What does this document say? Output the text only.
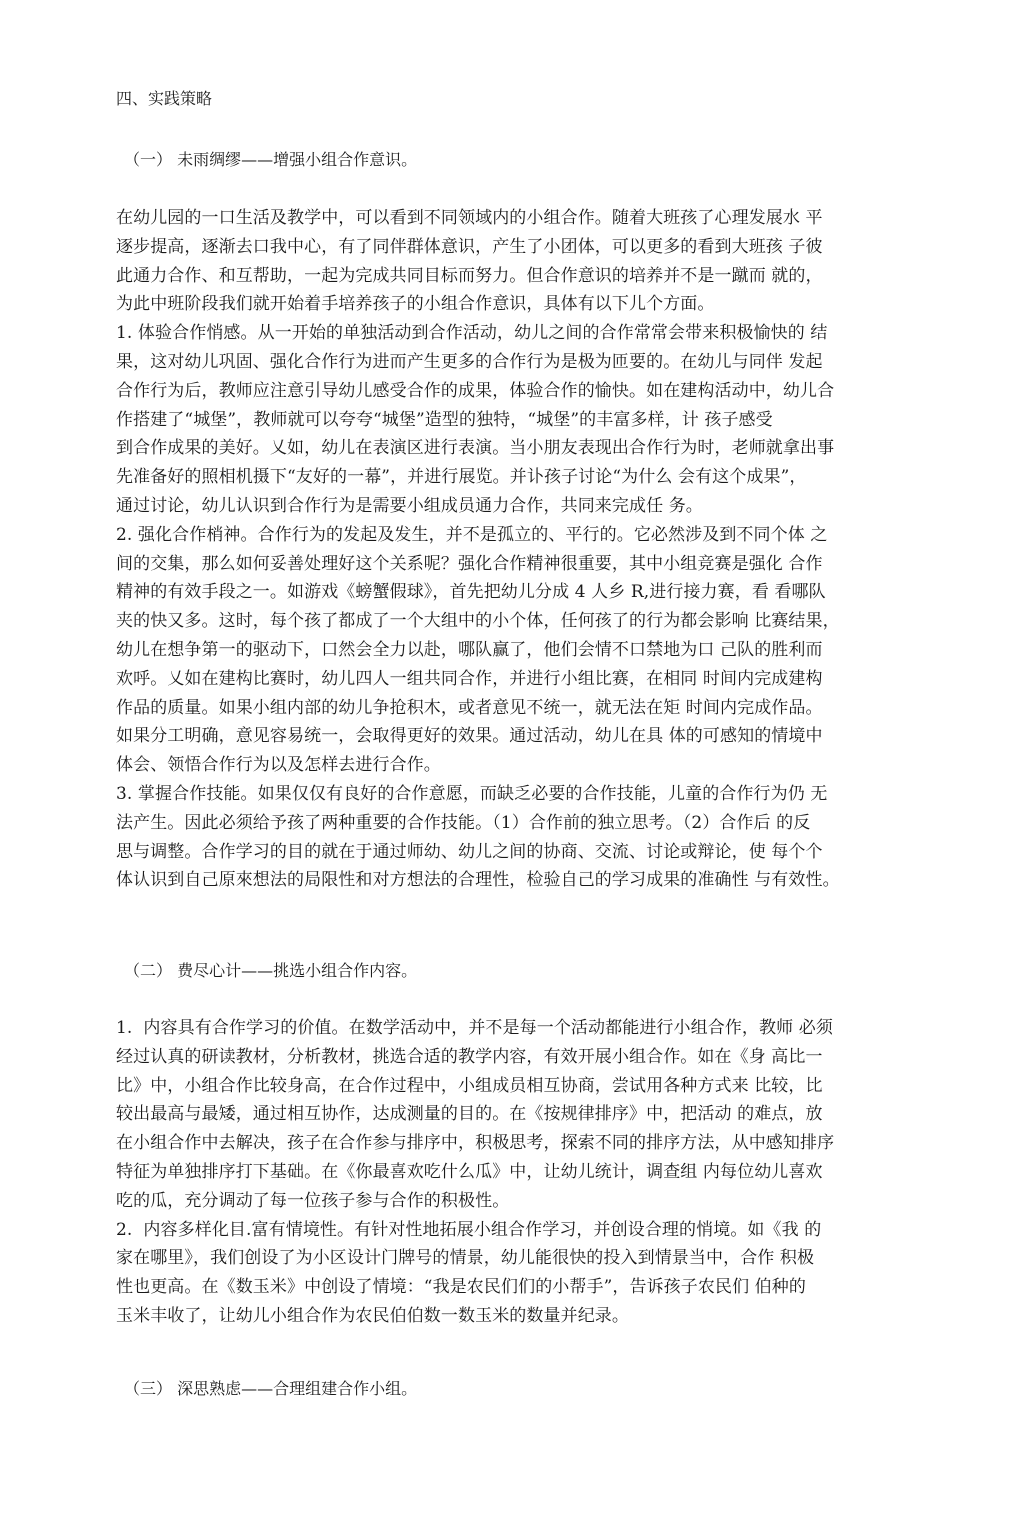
四、实践策略
（一） 未雨绸缪——增强小组合作意识。
在幼儿园的一口生活及教学中，可以看到不同领域内的小组合作。随着大班孩了心理发展水 平
逐步提高，逐渐去口我中心，有了同伴群体意识，产生了小团体，可以更多的看到大班孩 子彼
此通力合作、和互帮助，一起为完成共同目标而努力。但合作意识的培养并不是一蹴而 就的，
为此中班阶段我们就开始着手培养孩子的小组合作意识，具体有以下儿个方面。
1. 体验合作悄感。从一开始的单独活动到合作活动，幼儿之间的合作常常会带来积极愉快的 结
果，这对幼儿巩固、强化合作行为进而产生更多的合作行为是极为匝要的。在幼儿与同伴 发起
合作行为后，教师应注意引导幼儿感受合作的成果，体验合作的愉快。如在建构活动中，幼儿合
作搭建了“城堡”，教师就可以夸夸“城堡”造型的独特，“城堡”的丰富多样，计 孩子感受
到合作成果的美好。乂如，幼儿在表演区进行表演。当小朋友表现出合作行为时，老师就拿出事
先准备好的照相机摄下“友好的一幕”，并进行展览。并讣孩子讨论“为什么 会有这个成果”，
通过讨论，幼儿认识到合作行为是需要小组成员通力合作，共同来完成任 务。
2. 强化合作梢神。合作行为的发起及发生，并不是孤立的、平行的。它必然涉及到不同个体 之
间的交集，那么如何妥善处理好这个关系呢？强化合作精神很重要，其中小组竞赛是强化 合作
精神的有效手段之一。如游戏《螃蟹假球》，首先把幼儿分成 4 人乡 R,进行接力赛，看 看哪队
夹的快又多。这时，每个孩了都成了一个大组中的小个体，任何孩了的行为都会影响 比赛结果，
幼儿在想争第一的驱动下，口然会全力以赴，哪队赢了，他们会情不口禁地为口 己队的胜利而
欢呼。乂如在建构比赛时，幼儿四人一组共同合作，并进行小组比赛，在相同 时间内完成建构
作品的质量。如果小组内部的幼儿争抢积木，或者意见不统一，就无法在矩 时间内完成作品。
如果分工明确，意见容易统一，会取得更好的效果。通过活动，幼儿在具 体的可感知的情境中
体会、领悟合作行为以及怎样去进行合作。
3. 掌握合作技能。如果仅仅有良好的合作意愿，而缺乏必要的合作技能，儿童的合作行为仍 无
法产生。因此必须给予孩了两种重要的合作技能。（1）合作前的独立思考。（2）合作后 的反
思与调整。合作学习的目的就在于通过师幼、幼儿之间的协商、交流、讨论或辩论，使 每个个
体认识到自己原來想法的局限性和对方想法的合理性，检验自己的学习成果的准确性 与有效性。
（二） 费尽心计——挑选小组合作内容。
1.  内容具有合作学习的价值。在数学活动中，并不是每一个活动都能进行小组合作，教师 必须
经过认真的研读教材，分析教材，挑选合适的教学内容，有效开展小组合作。如在《身 高比一
比》中，小组合作比较身高，在合作过程中，小组成员相互协商，尝试用各种方式来 比较，比
较出最高与最矮，通过相互协作，达成测量的目的。在《按规律排序》中，把活动 的难点，放
在小组合作中去解决，孩子在合作参与排序中，积极思考，探索不同的排序方法，从中感知排序
特征为单独排序打下基础。在《你最喜欢吃什么瓜》中，让幼儿统计，调查组 内每位幼儿喜欢
吃的瓜，充分调动了每一位孩子参与合作的积极性。
2.  内容多样化目.富有情境性。有针对性地拓展小组合作学习，并创设合理的悄境。如《我 的
家在哪里》，我们创设了为小区设计门牌号的情景，幼儿能很快的投入到情景当中，合作 积极
性也更高。在《数玉米》中创设了情境：“我是农民们们的小帮手”，告诉孩子农民们 伯种的
玉米丰收了，让幼儿小组合作为农民伯伯数一数玉米的数量并纪录。
（三） 深思熟虑——合理组建合作小组。
